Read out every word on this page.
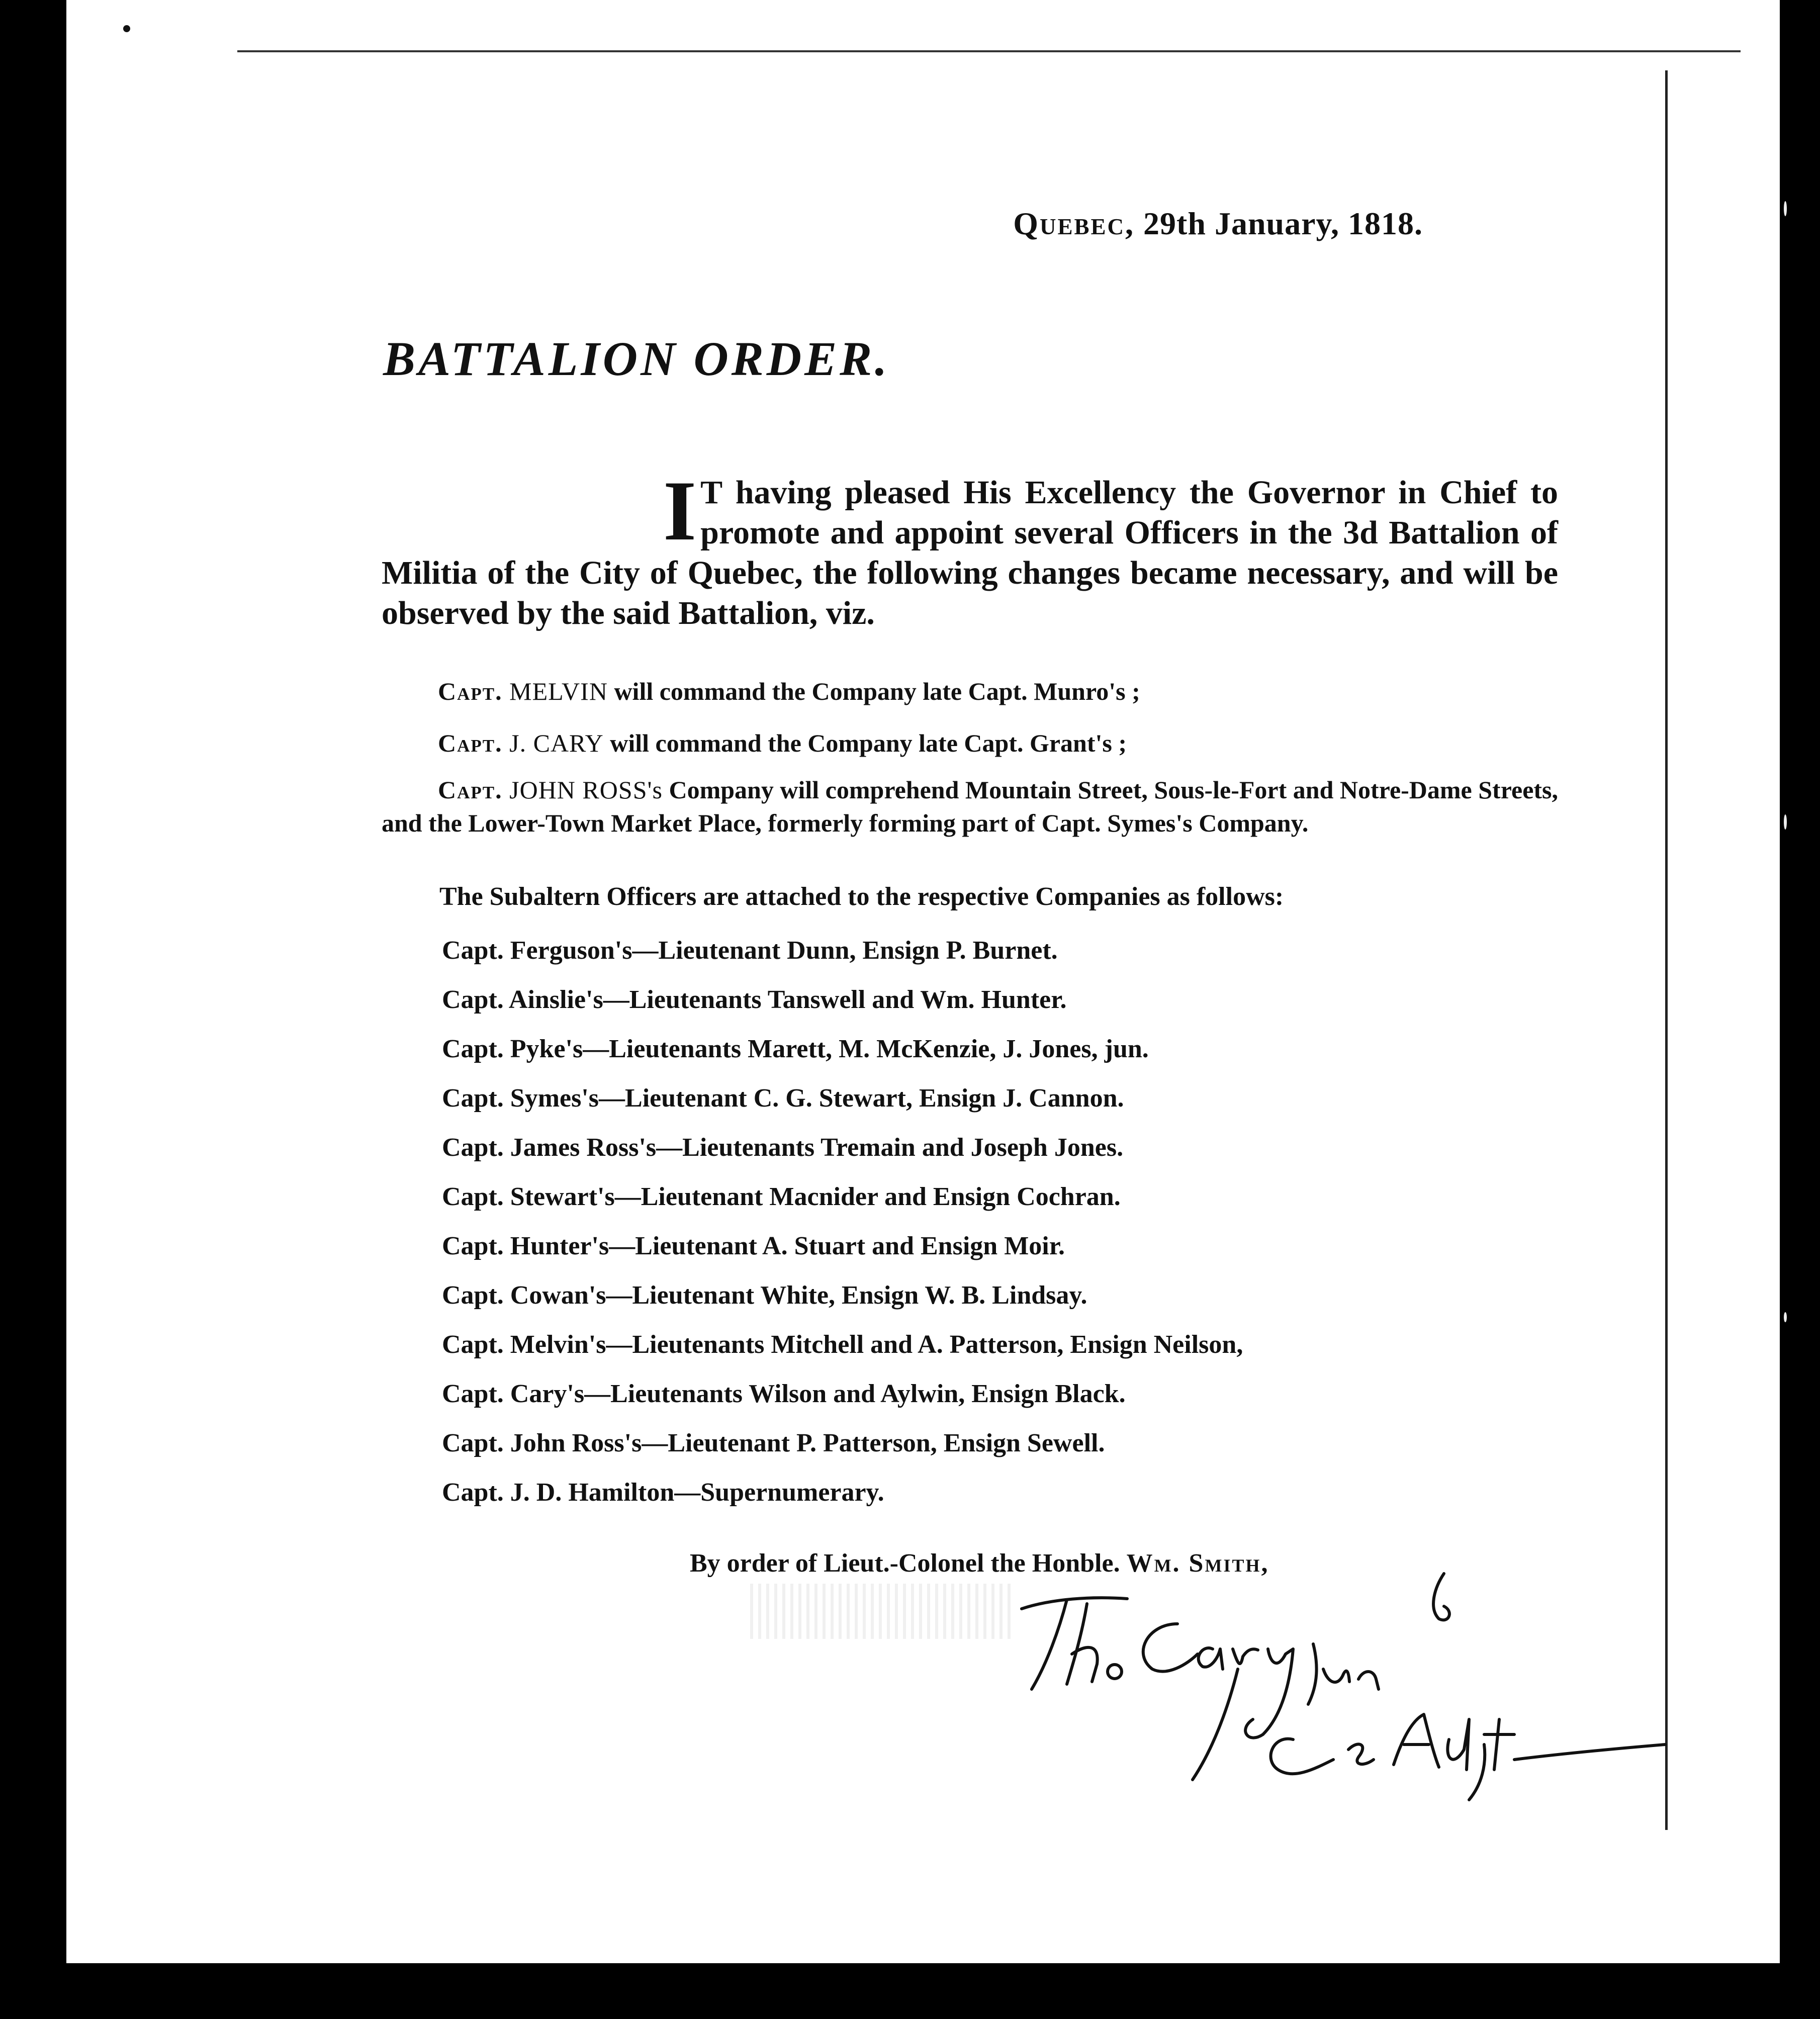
Quebec, 29th January, 1818.
BATTALION ORDER.
I T having pleased His Excellency the Governor in Chief to promote and appoint several Officers in the 3d Battalion of Militia of the City of Quebec, the following changes became necessary, and will be observed by the said Battalion, viz.
Capt. MELVIN will command the Company late Capt. Munro's ;
Capt. J. CARY will command the Company late Capt. Grant's ;
Capt. JOHN ROSS's Company will comprehend Mountain Street, Sous-le-Fort and Notre-Dame Streets, and the Lower-Town Market Place, formerly forming part of Capt. Symes's Company.
The Subaltern Officers are attached to the respective Companies as follows:
Capt. Ferguson's—Lieutenant Dunn, Ensign P. Burnet.
Capt. Ainslie's—Lieutenants Tanswell and Wm. Hunter.
Capt. Pyke's—Lieutenants Marett, M. McKenzie, J. Jones, jun.
Capt. Symes's—Lieutenant C. G. Stewart, Ensign J. Cannon.
Capt. James Ross's—Lieutenants Tremain and Joseph Jones.
Capt. Stewart's—Lieutenant Macnider and Ensign Cochran.
Capt. Hunter's—Lieutenant A. Stuart and Ensign Moir.
Capt. Cowan's—Lieutenant White, Ensign W. B. Lindsay.
Capt. Melvin's—Lieutenants Mitchell and A. Patterson, Ensign Neilson,
Capt. Cary's—Lieutenants Wilson and Aylwin, Ensign Black.
Capt. John Ross's—Lieutenant P. Patterson, Ensign Sewell.
Capt. J. D. Hamilton—Supernumerary.
By order of Lieut.-Colonel the Honble. Wm. Smith,
